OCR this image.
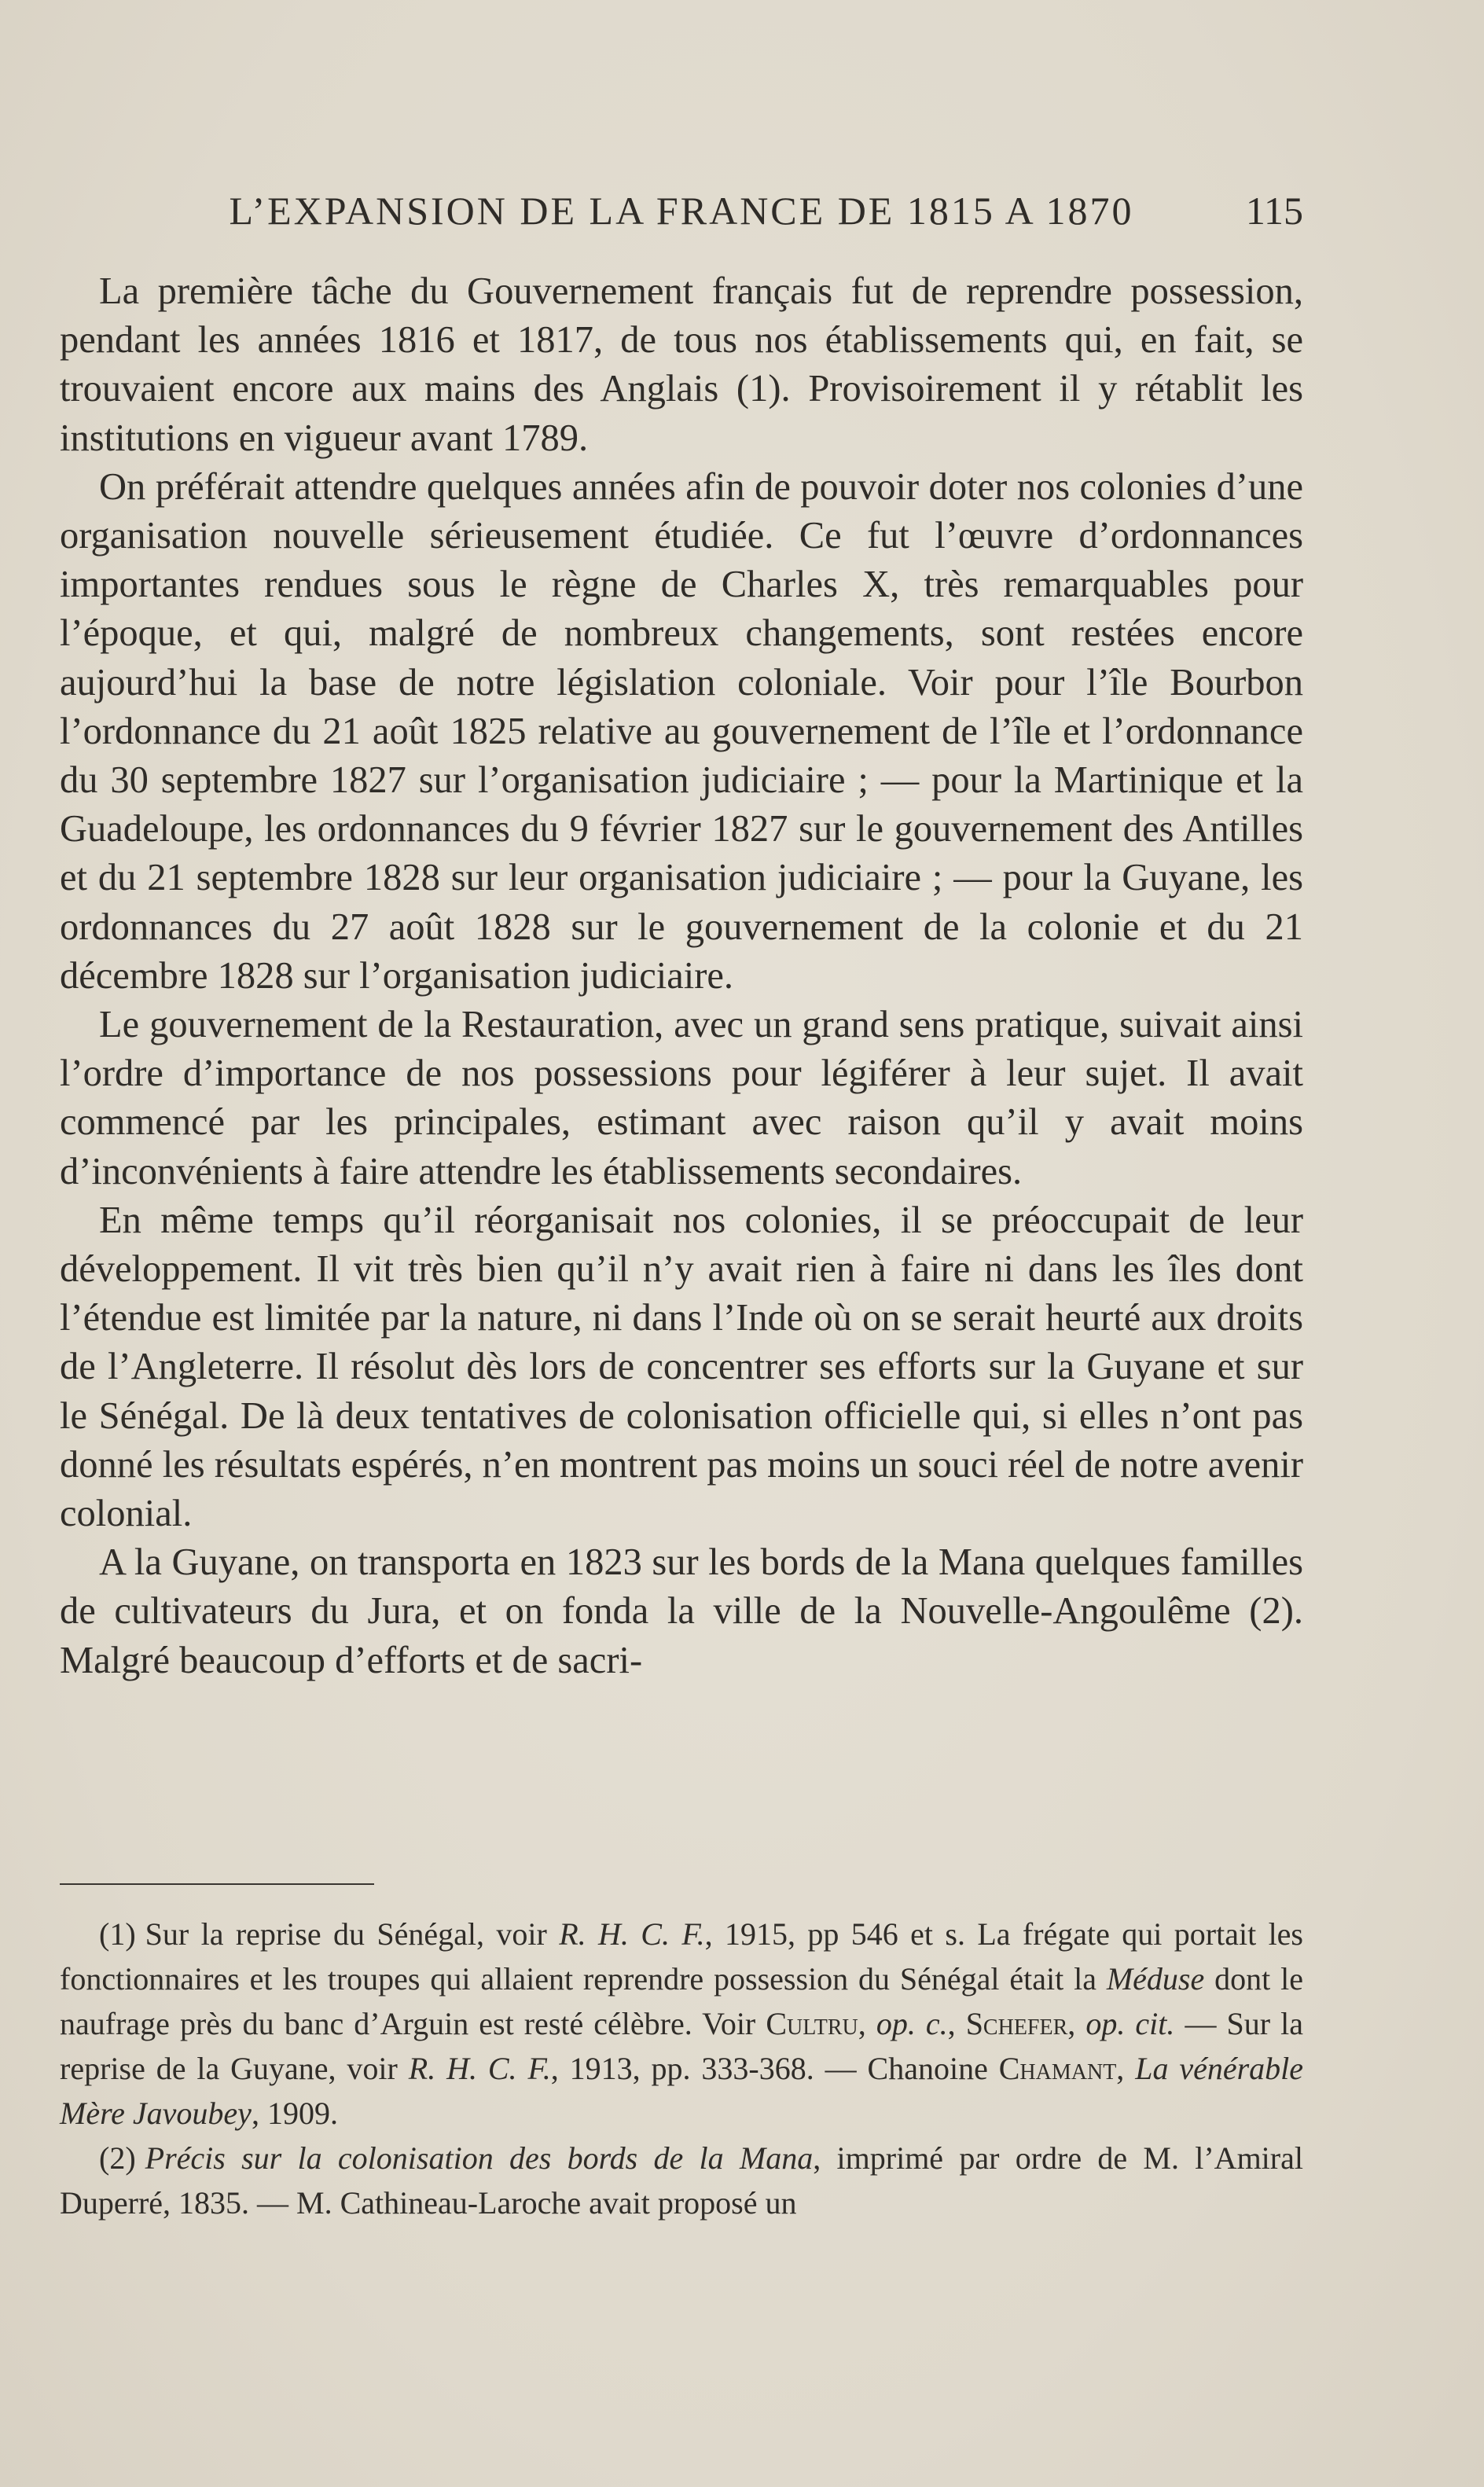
L’EXPANSION DE LA FRANCE DE 1815 A 1870	115

La première tâche du Gouvernement français fut de reprendre possession, pendant les années 1816 et 1817, de tous nos établissements qui, en fait, se trouvaient encore aux mains des Anglais (1). Provisoirement il y rétablit les institutions en vigueur avant 1789.

On préférait attendre quelques années afin de pouvoir doter nos colonies d’une organisation nouvelle sérieusement étudiée. Ce fut l’œuvre d’ordonnances importantes rendues sous le règne de Charles X, très remarquables pour l’époque, et qui, malgré de nombreux changements, sont restées encore aujourd’hui la base de notre législation coloniale. Voir pour l’île Bourbon l’ordonnance du 21 août 1825 relative au gouvernement de l’île et l’ordonnance du 30 septembre 1827 sur l’organisation judiciaire ; — pour la Martinique et la Guadeloupe, les ordonnances du 9 février 1827 sur le gouvernement des Antilles et du 21 septembre 1828 sur leur organisation judiciaire ; — pour la Guyane, les ordonnances du 27 août 1828 sur le gouvernement de la colonie et du 21 décembre 1828 sur l’organisation judiciaire.

Le gouvernement de la Restauration, avec un grand sens pratique, suivait ainsi l’ordre d’importance de nos possessions pour légiférer à leur sujet. Il avait commencé par les principales, estimant avec raison qu’il y avait moins d’inconvénients à faire attendre les établissements secondaires.

En même temps qu’il réorganisait nos colonies, il se préoccupait de leur développement. Il vit très bien qu’il n’y avait rien à faire ni dans les îles dont l’étendue est limitée par la nature, ni dans l’Inde où on se serait heurté aux droits de l’Angleterre. Il résolut dès lors de concentrer ses efforts sur la Guyane et sur le Sénégal. De là deux tentatives de colonisation officielle qui, si elles n’ont pas donné les résultats espérés, n’en montrent pas moins un souci réel de notre avenir colonial.

A la Guyane, on transporta en 1823 sur les bords de la Mana quelques familles de cultivateurs du Jura, et on fonda la ville de la Nouvelle-Angoulême (2). Malgré beaucoup d’efforts et de sacri-

(1) Sur la reprise du Sénégal, voir R. H. C. F., 1915, pp 546 et s. La frégate qui portait les fonctionnaires et les troupes qui allaient reprendre possession du Sénégal était la Méduse dont le naufrage près du banc d’Arguin est resté célèbre. Voir Cultru, op. c., Schefer, op. cit. — Sur la reprise de la Guyane, voir R. H. C. F., 1913, pp. 333-368. — Chanoine Chamant, La vénérable Mère Javoubey, 1909.

(2) Précis sur la colonisation des bords de la Mana, imprimé par ordre de M. l’Amiral Duperré, 1835. — M. Cathineau-Laroche avait proposé un
